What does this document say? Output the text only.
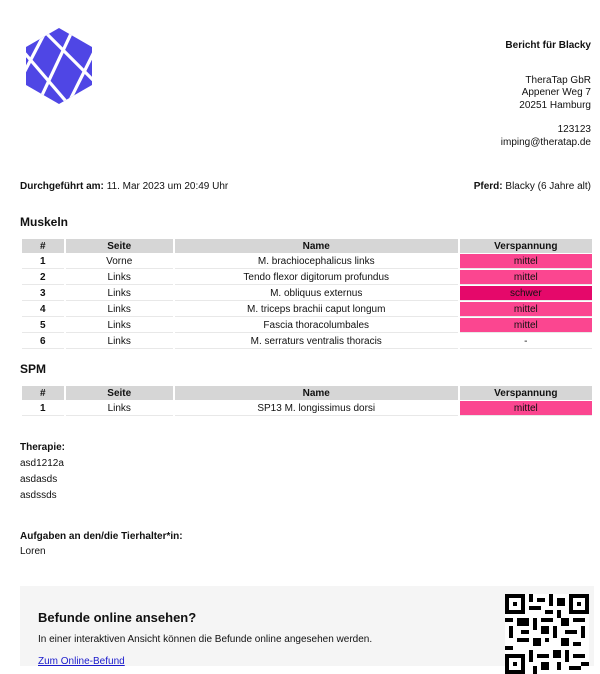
Bericht für Blacky
TheraTap GbR
Appener Weg 7
20251 Hamburg
123123
imping@theratap.de
Durchgeführt am: 11. Mar 2023 um 20:49 Uhr	Pferd: Blacky (6 Jahre alt)
Muskeln
#	Seite	Name	Verspannung
1	Vorne	M. brachiocephalicus links	mittel
2	Links	Tendo flexor digitorum profundus	mittel
3	Links	M. obliquus externus	schwer
4	Links	M. triceps brachii caput longum	mittel
5	Links	Fascia thoracolumbales	mittel
6	Links	M. serraturs ventralis thoracis	-
SPM
#	Seite	Name	Verspannung
1	Links	SP13 M. longissimus dorsi	mittel
Therapie:
asd1212a
asdasds
asdssds
Aufgaben an den/die Tierhalter*in:
Loren
Befunde online ansehen?
In einer interaktiven Ansicht können die Befunde online angesehen werden.
Zum Online-Befund
